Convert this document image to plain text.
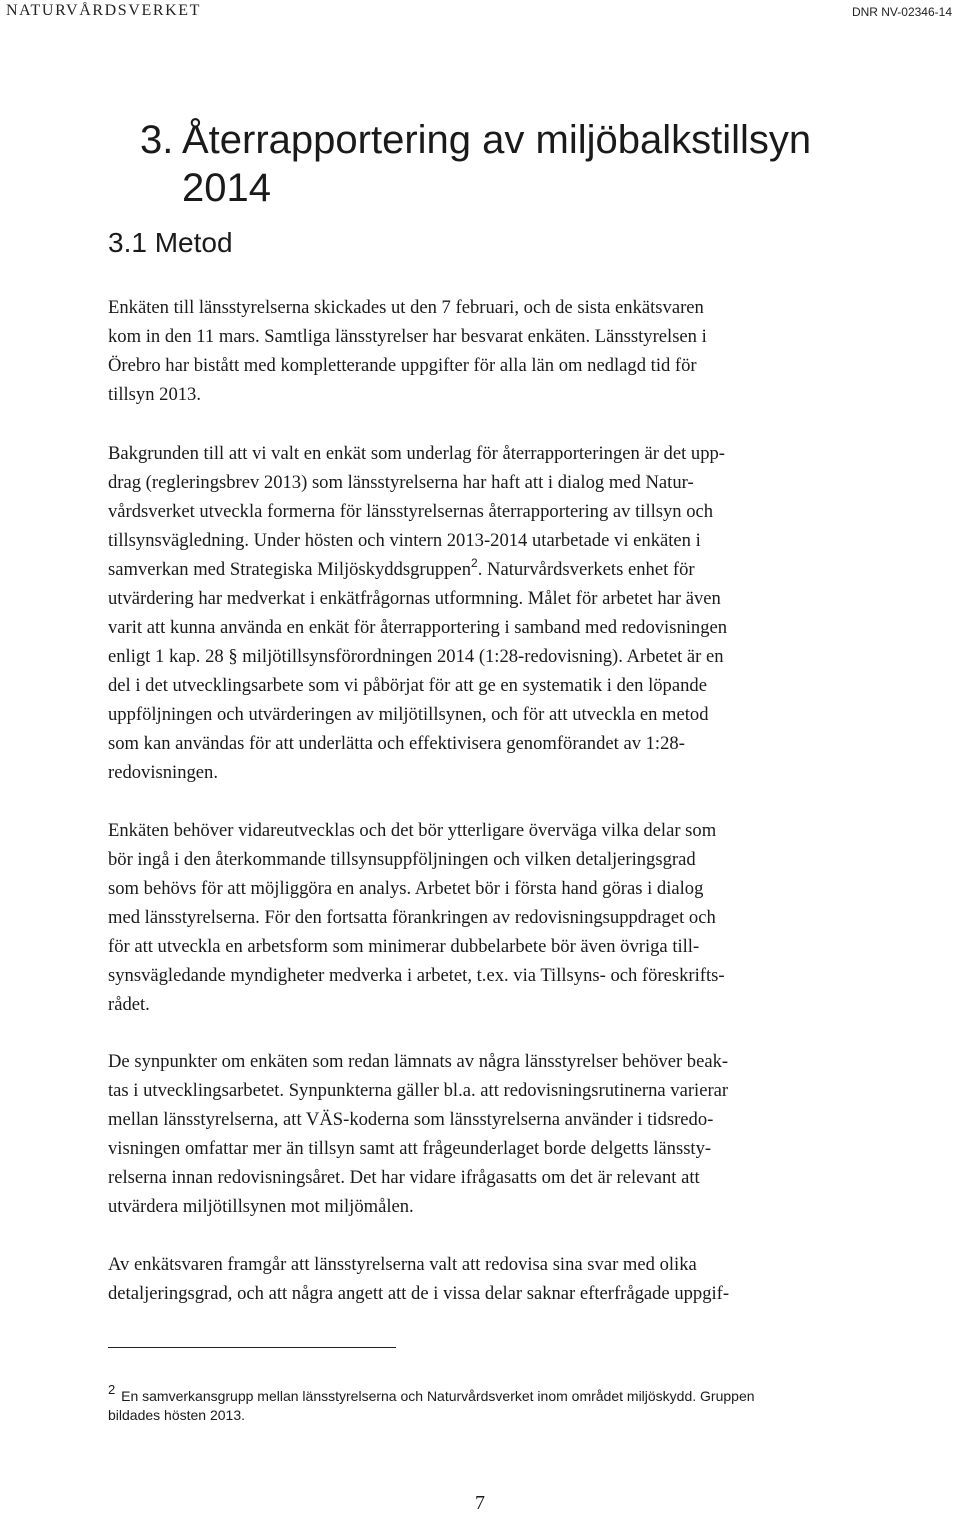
NATURVÅRDSVERKET	DNR NV-02346-14
3. Återrapportering av miljöbalkstillsyn
2014
3.1 Metod
Enkäten till länsstyrelserna skickades ut den 7 februari, och de sista enkätsvaren
kom in den 11 mars. Samtliga länsstyrelser har besvarat enkäten. Länsstyrelsen i
Örebro har bistått med kompletterande uppgifter för alla län om nedlagd tid för
tillsyn 2013.
Bakgrunden till att vi valt en enkät som underlag för återrapporteringen är det upp-
drag (regleringsbrev 2013) som länsstyrelserna har haft att i dialog med Natur-
vårdsverket utveckla formerna för länsstyrelsernas återrapportering av tillsyn och
tillsynsvägledning. Under hösten och vintern 2013-2014 utarbetade vi enkäten i
samverkan med Strategiska Miljöskyddsgruppen$^2$. Naturvårdsverkets enhet för
utvärdering har medverkat i enkätfrågornas utformning. Målet för arbetet har även
varit att kunna använda en enkät för återrapportering i samband med redovisningen
enligt 1 kap. 28 § miljötillsynsförordningen 2014 (1:28-redovisning). Arbetet är en
del i det utvecklingsarbete som vi påbörjat för att ge en systematik i den löpande
uppföljningen och utvärderingen av miljötillsynen, och för att utveckla en metod
som kan användas för att underlätta och effektivisera genomförandet av 1:28-
redovisningen.
Enkäten behöver vidareutvecklas och det bör ytterligare överväga vilka delar som
bör ingå i den återkommande tillsynsuppföljningen och vilken detaljeringsgrad
som behövs för att möjliggöra en analys. Arbetet bör i första hand göras i dialog
med länsstyrelserna. För den fortsatta förankringen av redovisningsuppdraget och
för att utveckla en arbetsform som minimerar dubbelarbete bör även övriga till-
synsvägledande myndigheter medverka i arbetet, t.ex. via Tillsyns- och föreskrifts-
rådet.
De synpunkter om enkäten som redan lämnats av några länsstyrelser behöver beak-
tas i utvecklingsarbetet. Synpunkterna gäller bl.a. att redovisningsrutinerna varierar
mellan länsstyrelserna, att VÄS-koderna som länsstyrelserna använder i tidsredo-
visningen omfattar mer än tillsyn samt att frågeunderlaget borde delgetts länssty-
relserna innan redovisningsåret. Det har vidare ifrågasatts om det är relevant att
utvärdera miljötillsynen mot miljömålen.
Av enkätsvaren framgår att länsstyrelserna valt att redovisa sina svar med olika
detaljeringsgrad, och att några angett att de i vissa delar saknar efterfrågade uppgif-
2 En samverkansgrupp mellan länsstyrelserna och Naturvårdsverket inom området miljöskydd. Gruppen
bildades hösten 2013.
7
